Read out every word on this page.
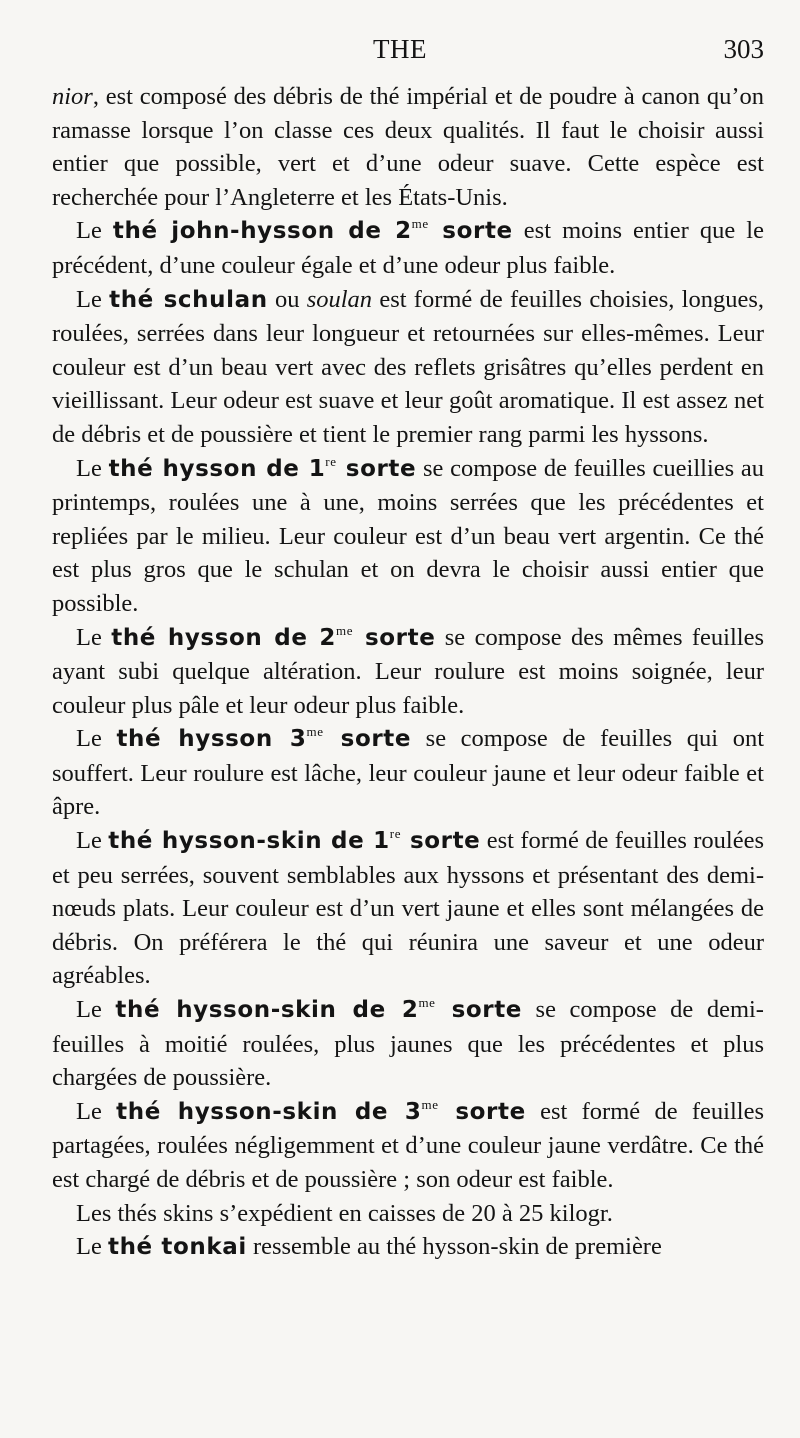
THE	303

nior, est composé des débris de thé impérial et de poudre à canon qu’on ramasse lorsque l’on classe ces deux qualités. Il faut le choisir aussi entier que possible, vert et d’une odeur suave. Cette espèce est recherchée pour l’Angleterre et les États-Unis.

Le thé john-hysson de $2^{me}$ sorte est moins entier que le précédent, d’une couleur égale et d’une odeur plus faible.

Le thé schulan ou soulan est formé de feuilles choisies, longues, roulées, serrées dans leur longueur et retournées sur elles-mêmes. Leur couleur est d’un beau vert avec des reflets grisâtres qu’elles perdent en vieillissant. Leur odeur est suave et leur goût aromatique. Il est assez net de débris et de poussière et tient le premier rang parmi les hyssons.

Le thé hysson de 1re sorte se compose de feuilles cueillies au printemps, roulées une à une, moins serrées que les précédentes et repliées par le milieu. Leur couleur est d’un beau vert argentin. Ce thé est plus gros que le schulan et on devra le choisir aussi entier que possible.

Le thé hysson de $2^{me}$ sorte se compose des mêmes feuilles ayant subi quelque altération. Leur roulure est moins soignée, leur couleur plus pâle et leur odeur plus faible.

Le thé hysson $3^{me}$ sorte se compose de feuilles qui ont souffert. Leur roulure est lâche, leur couleur jaune et leur odeur faible et âpre.

Le thé hysson-skin de 1re sorte est formé de feuilles roulées et peu serrées, souvent semblables aux hyssons et présentant des demi-nœuds plats. Leur couleur est d’un vert jaune et elles sont mélangées de débris. On préférera le thé qui réunira une saveur et une odeur agréables.

Le thé hysson-skin de $2^{me}$ sorte se compose de demi-feuilles à moitié roulées, plus jaunes que les précédentes et plus chargées de poussière.

Le thé hysson-skin de $3^{me}$ sorte est formé de feuilles partagées, roulées négligemment et d’une couleur jaune verdâtre. Ce thé est chargé de débris et de poussière ; son odeur est faible.

Les thés skins s’expédient en caisses de 20 à 25 kilogr.

Le thé tonkai ressemble au thé hysson-skin de première
